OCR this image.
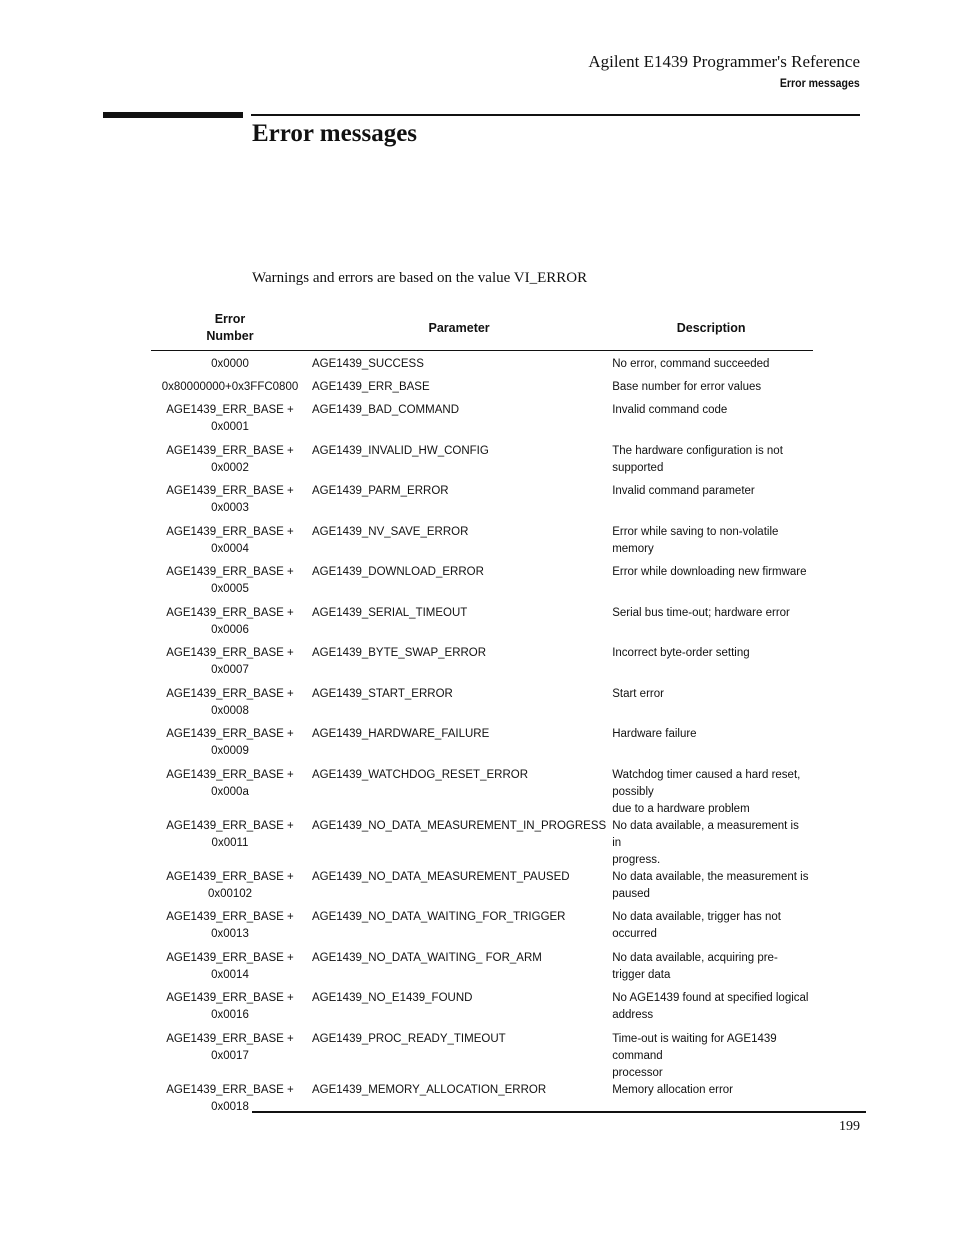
Agilent E1439 Programmer's Reference
Error messages
Error messages

Warnings and errors are based on the value VI_ERROR

Error
Number	Parameter	Description
0x0000	AGE1439_SUCCESS	No error, command succeeded
0x80000000+0x3FFC0800	AGE1439_ERR_BASE	Base number for error values
AGE1439_ERR_BASE +
0x0001	AGE1439_BAD_COMMAND	Invalid command code
AGE1439_ERR_BASE +
0x0002	AGE1439_INVALID_HW_CONFIG	The hardware configuration is not supported
AGE1439_ERR_BASE +
0x0003	AGE1439_PARM_ERROR	Invalid command parameter
AGE1439_ERR_BASE +
0x0004	AGE1439_NV_SAVE_ERROR	Error while saving to non-volatile memory
AGE1439_ERR_BASE +
0x0005	AGE1439_DOWNLOAD_ERROR	Error while downloading new firmware
AGE1439_ERR_BASE +
0x0006	AGE1439_SERIAL_TIMEOUT	Serial bus time-out; hardware error
AGE1439_ERR_BASE +
0x0007	AGE1439_BYTE_SWAP_ERROR	Incorrect byte-order setting
AGE1439_ERR_BASE +
0x0008	AGE1439_START_ERROR	Start error
AGE1439_ERR_BASE +
0x0009	AGE1439_HARDWARE_FAILURE	Hardware failure
AGE1439_ERR_BASE +
0x000a	AGE1439_WATCHDOG_RESET_ERROR	Watchdog timer caused a hard reset, possibly
due to a hardware problem
AGE1439_ERR_BASE +
0x0011	AGE1439_NO_DATA_MEASUREMENT_IN_PROGRESS	No data available, a measurement is in
progress.
AGE1439_ERR_BASE +
0x00102	AGE1439_NO_DATA_MEASUREMENT_PAUSED	No data available, the measurement is paused
AGE1439_ERR_BASE +
0x0013	AGE1439_NO_DATA_WAITING_FOR_TRIGGER	No data available, trigger has not occurred
AGE1439_ERR_BASE +
0x0014	AGE1439_NO_DATA_WAITING_ FOR_ARM	No data available, acquiring pre-trigger data
AGE1439_ERR_BASE +
0x0016	AGE1439_NO_E1439_FOUND	No AGE1439 found at specified logical
address
AGE1439_ERR_BASE +
0x0017	AGE1439_PROC_READY_TIMEOUT	Time-out is waiting for AGE1439 command
processor
AGE1439_ERR_BASE +
0x0018	AGE1439_MEMORY_ALLOCATION_ERROR	Memory allocation error
199
